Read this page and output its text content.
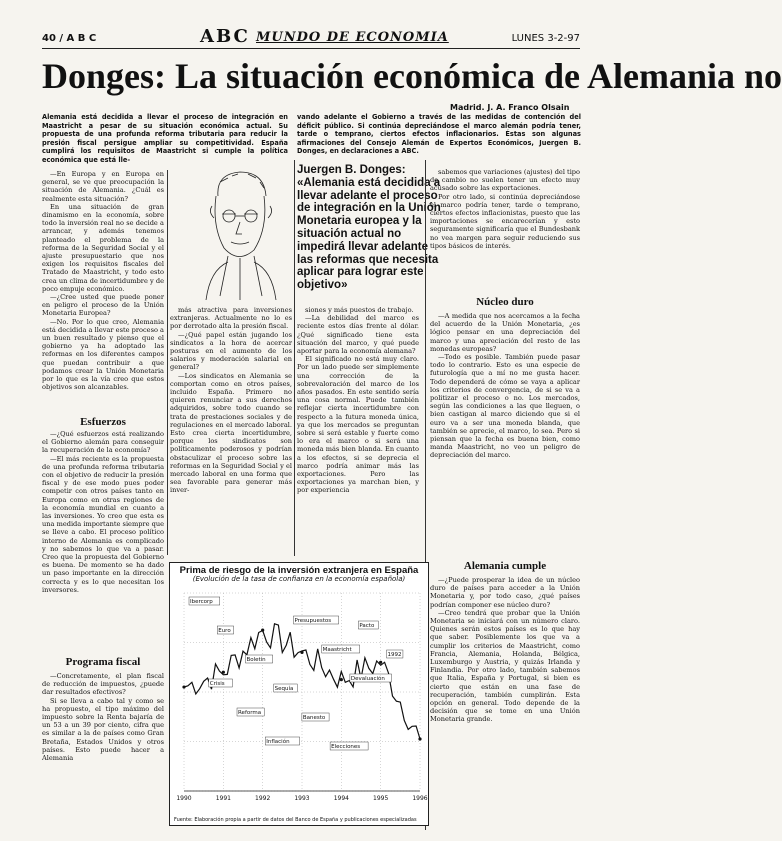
40 / A B C	ABC MUNDO DE ECONOMIA	LUNES 3-2-97
Donges: La situación económica de Alemania no
Madrid. J. A. Franco Olsain
Alemania está decidida a llevar el proceso de integración en Maastricht a pesar de su situación económica actual. Su propuesta de una profunda reforma tributaria para reducir la presión fiscal persigue ampliar su competitividad. España cumplirá los requisitos de Maastricht si cumple la política económica que está lle-
vando adelante el Gobierno a través de las medidas de contención del déficit público. Si continúa depreciándose el marco alemán podría tener, tarde o temprano, ciertos efectos inflacionarios. Éstas son algunas afirmaciones del Consejo Alemán de Expertos Económicos, Juergen B. Donges, en declaraciones a ABC.
Juergen B. Donges:
«Alemania está decidida a llevar adelante el proceso de integración en la Unión Monetaria europea y la situación actual no impedirá llevar adelante las reformas que necesita aplicar para lograr este objetivo»

—En Europa y en Europa en general, se ve que preocupación la situación de Alemania. ¿Cuál es realmente esta situación?

En una situación de gran dinamismo en la economía, sobre todo la inversión real no se decide a arrancar, y además tenemos planteado el problema de la reforma de la Seguridad Social y el ajuste presupuestario que nos exigen los requisitos fiscales del Tratado de Maastricht, y todo esto crea un clima de incertidumbre y de poco empuje económico.

—¿Cree usted que puede poner en peligro el proceso de la Unión Monetaria Europea?

—No. Por lo que creo, Alemania está decidida a llevar este proceso a un buen resultado y pienso que el gobierno ya ha adoptado las reformas en los diferentes campos que puedan contribuir a que podamos crear la Unión Monetaria por lo que es la vía creo que estos objetivos son alcanzables.

Esfuerzos

—¿Qué esfuerzos está realizando el Gobierno alemán para conseguir la recuperación de la economía?

—El más reciente es la propuesta de una profunda reforma tributaria con el objetivo de reducir la presión fiscal y de ese modo pues poder competir con otros países tanto en Europa como en otras regiones de la economía mundial en cuanto a las inversiones. Yo creo que esta es una medida importante siempre que se lleve a cabo. El proceso político interno de Alemania es complicado y no sabemos lo que va a pasar. Creo que la propuesta del Gobierno es buena. De momento se ha dado un paso importante en la dirección correcta y es lo que necesitan los inversores.

Programa fiscal

—Concretamente, el plan fiscal de reducción de impuestos, ¿puede dar resultados efectivos?

Si se lleva a cabo tal y como se ha propuesto, el tipo máximo del impuesto sobre la Renta bajaría de un 53 a un 39 por ciento, cifra que es similar a la de países como Gran Bretaña, Estados Unidos y otros países. Esto puede hacer a Alemania

más atractiva para inversiones extranjeras. Actualmente no lo es por derrotado alta la presión fiscal.

—¿Qué papel están jugando los sindicatos a la hora de acercar posturas en el aumento de los salarios y moderación salarial en general?

—Los sindicatos en Alemania se comportan como en otros países, incluido España. Primero no quieren renunciar a sus derechos adquiridos, sobre todo cuando se trata de prestaciones sociales y de regulaciones en el mercado laboral. Esto crea cierta incertidumbre, porque los sindicatos son políticamente poderosos y podrían obstaculizar el proceso sobre las reformas en la Seguridad Social y el mercado laboral en una forma que sea favorable para generar más inver-

siones y más puestos de trabajo.

—La debilidad del marco es reciente estos días frente al dólar. ¿Qué significado tiene esta situación del marco, y qué puede aportar para la economía alemana?

El significado no está muy claro. Por un lado puede ser simplemente una corrección de la sobrevaloración del marco de los años pasados. En este sentido sería una cosa normal. Puede también reflejar cierta incertidumbre con respecto a la futura moneda única, ya que los mercados se preguntan sobre si será estable y fuerte como lo era el marco o si será una moneda más bien blanda. En cuanto a los efectos, si se deprecia el marco podría animar más las exportaciones. Pero las exportaciones ya marchan bien, y por experiencia

sabemos que variaciones (ajustes) del tipo de cambio no suelen tener un efecto muy acusado sobre las exportaciones.

Por otro lado, si continúa depreciándose el marco podría tener, tarde o temprano, ciertos efectos inflacionistas, puesto que las importaciones se encarecerían y esto seguramente significaría que el Bundesbank no vea margen para seguir reduciendo sus tipos básicos de interés.

Núcleo duro

—A medida que nos acercamos a la fecha del acuerdo de la Unión Monetaria, ¿es lógico pensar en una depreciación del marco y una apreciación del resto de las monedas europeas?

—Todo es posible. También puede pasar todo lo contrario. Esto es una especie de futurología que a mí no me gusta hacer. Todo dependerá de cómo se vaya a aplicar los criterios de convergencia, de si se va a politizar el proceso o no. Los mercados, según las condiciones a las que lleguen, o bien castigan al marco diciendo que si el euro va a ser una moneda blanda, que también se aprecie, el marco, lo sea. Pero si piensan que la fecha es buena bien, como manda Maastricht, no veo un peligro de depreciación del marco.

Alemania cumple

—¿Puede prosperar la idea de un núcleo duro de países para acceder a la Unión Monetaria y, por todo caso, ¿qué países podrían componer ese núcleo duro?

—Creo tendrá que probar que la Unión Monetaria se iniciará con un número claro. Quienes serán estos países es lo que hay que saber. Posiblemente los que va a cumplir los criterios de Maastricht, como Francia, Alemania, Holanda, Bélgica, Luxemburgo y Austria, y quizás Irlanda y Finlandia. Por otro lado, también sabemos que Italia, España y Portugal, si bien es cierto que están en una fase de recuperación, también cumplirán. Esta opción en general. Todo depende de la decisión que se tome en una Unión Monetaria grande.

Prima de riesgo de la inversión extranjera en España
(Evolución de la tasa de confianza en la economía española)
1990	1991	1992	1993	1994	1995	1996
Ibercorp
Euro
Boletín
Sequía
Banesto
Elecciones
Pacto
1992
Crisis
Reforma
Inflación
Presupuestos
Maastricht
Devaluación
Fuente: Elaboración propia a partir de datos del Banco de España y publicaciones especializadas
